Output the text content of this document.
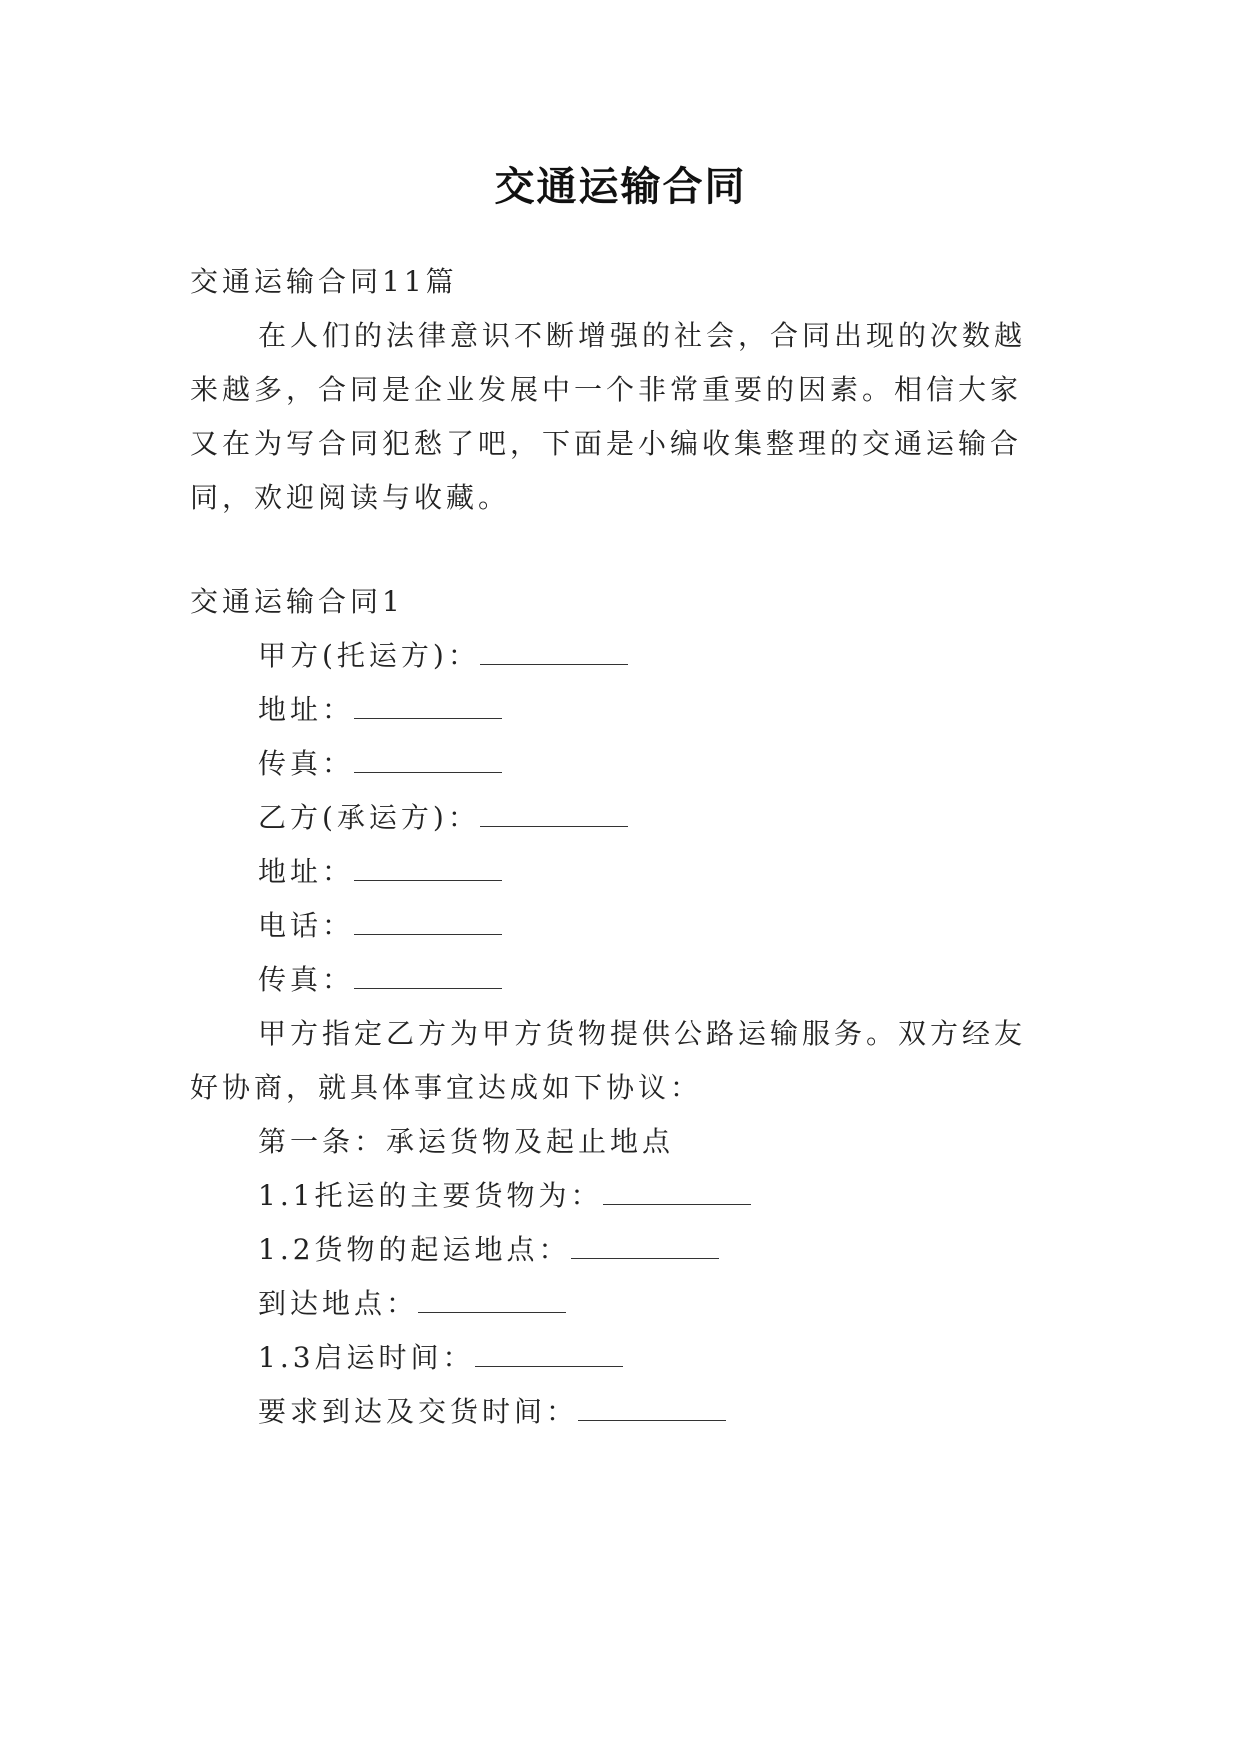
交通运输合同
交通运输合同11篇
在人们的法律意识不断增强的社会，合同出现的次数越
来越多，合同是企业发展中一个非常重要的因素。相信大家
又在为写合同犯愁了吧，下面是小编收集整理的交通运输合
同，欢迎阅读与收藏。
交通运输合同1
甲方(托运方)：
地址：
传真：
乙方(承运方)：
地址：
电话：
传真：
甲方指定乙方为甲方货物提供公路运输服务。双方经友
好协商，就具体事宜达成如下协议：
第一条：承运货物及起止地点
1.1托运的主要货物为：
1.2货物的起运地点：
到达地点：
1.3启运时间：
要求到达及交货时间：
